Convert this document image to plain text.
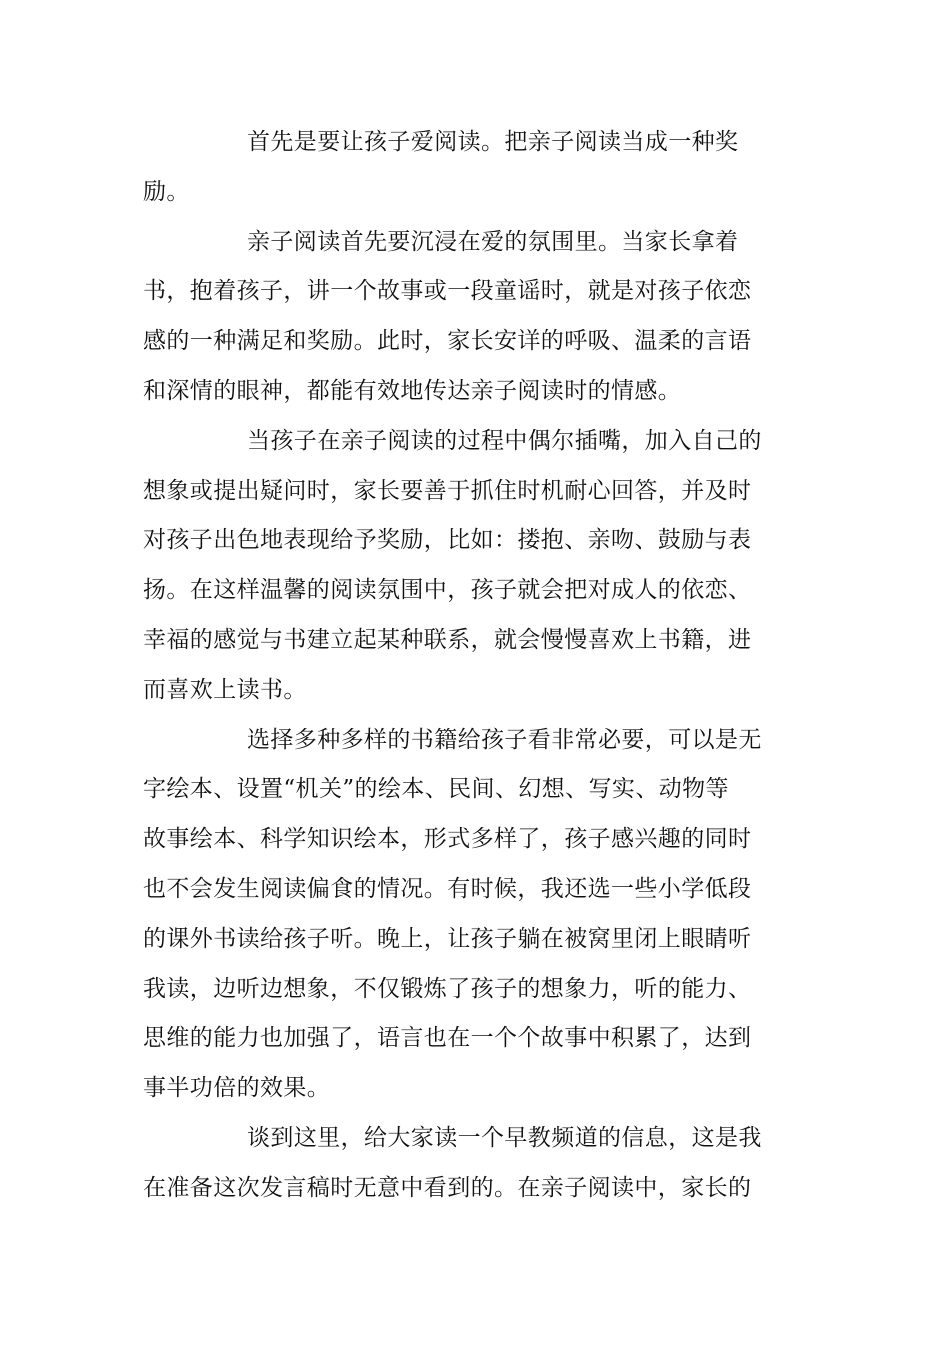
首先是要让孩子爱阅读。把亲子阅读当成一种奖
励。
亲子阅读首先要沉浸在爱的氛围里。当家长拿着
书，抱着孩子，讲一个故事或一段童谣时，就是对孩子依恋
感的一种满足和奖励。此时，家长安详的呼吸、温柔的言语
和深情的眼神，都能有效地传达亲子阅读时的情感。
当孩子在亲子阅读的过程中偶尔插嘴，加入自己的
想象或提出疑问时，家长要善于抓住时机耐心回答，并及时
对孩子出色地表现给予奖励，比如：搂抱、亲吻、鼓励与表
扬。在这样温馨的阅读氛围中，孩子就会把对成人的依恋、
幸福的感觉与书建立起某种联系，就会慢慢喜欢上书籍，进
而喜欢上读书。
选择多种多样的书籍给孩子看非常必要，可以是无
字绘本、设置“机关”的绘本、民间、幻想、写实、动物等
故事绘本、科学知识绘本，形式多样了，孩子感兴趣的同时
也不会发生阅读偏食的情况。有时候，我还选一些小学低段
的课外书读给孩子听。晚上，让孩子躺在被窝里闭上眼睛听
我读，边听边想象，不仅锻炼了孩子的想象力，听的能力、
思维的能力也加强了，语言也在一个个故事中积累了，达到
事半功倍的效果。
谈到这里，给大家读一个早教频道的信息，这是我
在准备这次发言稿时无意中看到的。在亲子阅读中，家长的
